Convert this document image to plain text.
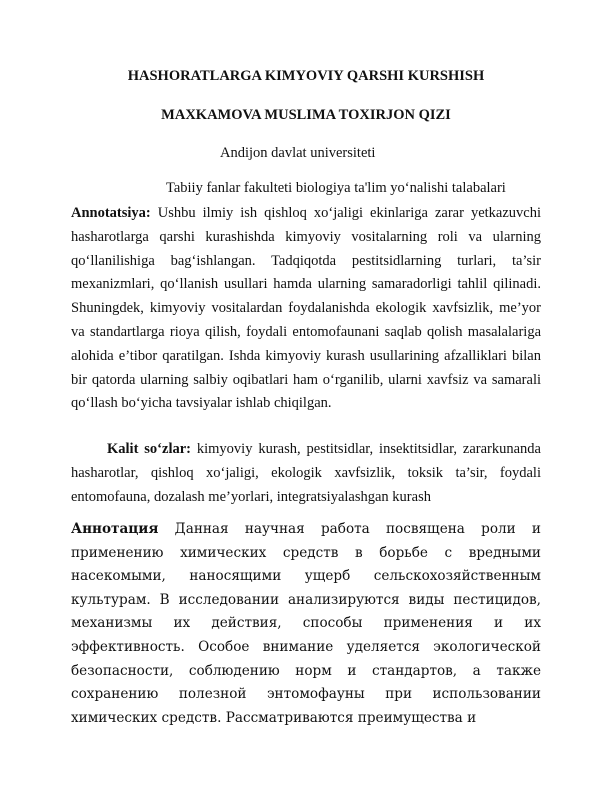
HASHORATLARGA KIMYOVIY QARSHI KURSHISH
MAXKAMOVA MUSLIMA TOXIRJON QIZI
Andijon davlat universiteti
Tabiiy fanlar fakulteti biologiya ta'lim yo‘nalishi talabalari
Annotatsiya: Ushbu ilmiy ish qishloq xo‘jaligi ekinlariga zarar yetkazuvchi hasharotlarga qarshi kurashishda kimyoviy vositalarning roli va ularning qo‘llanilishiga bag‘ishlangan. Tadqiqotda pestitsidlarning turlari, ta’sir mexanizmlari, qo‘llanish usullari hamda ularning samaradorligi tahlil qilinadi. Shuningdek, kimyoviy vositalardan foydalanishda ekologik xavfsizlik, me’yor va standartlarga rioya qilish, foydali entomofaunani saqlab qolish masalalariga alohida e’tibor qaratilgan. Ishda kimyoviy kurash usullarining afzalliklari bilan bir qatorda ularning salbiy oqibatlari ham o‘rganilib, ularni xavfsiz va samarali qo‘llash bo‘yicha tavsiyalar ishlab chiqilgan.
Kalit so‘zlar: kimyoviy kurash, pestitsidlar, insektitsidlar, zararkunanda hasharotlar, qishloq xo‘jaligi, ekologik xavfsizlik, toksik ta’sir, foydali entomofauna, dozalash me’yorlari, integratsiyalashgan kurash
Аннотация Данная научная работа посвящена роли и применению химических средств в борьбе с вредными насекомыми, наносящими ущерб сельскохозяйственным культурам. В исследовании анализируются виды пестицидов, механизмы их действия, способы применения и их эффективность. Особое внимание уделяется экологической безопасности, соблюдению норм и стандартов, а также сохранению полезной энтомофауны при использовании химических средств. Рассматриваются преимущества и
